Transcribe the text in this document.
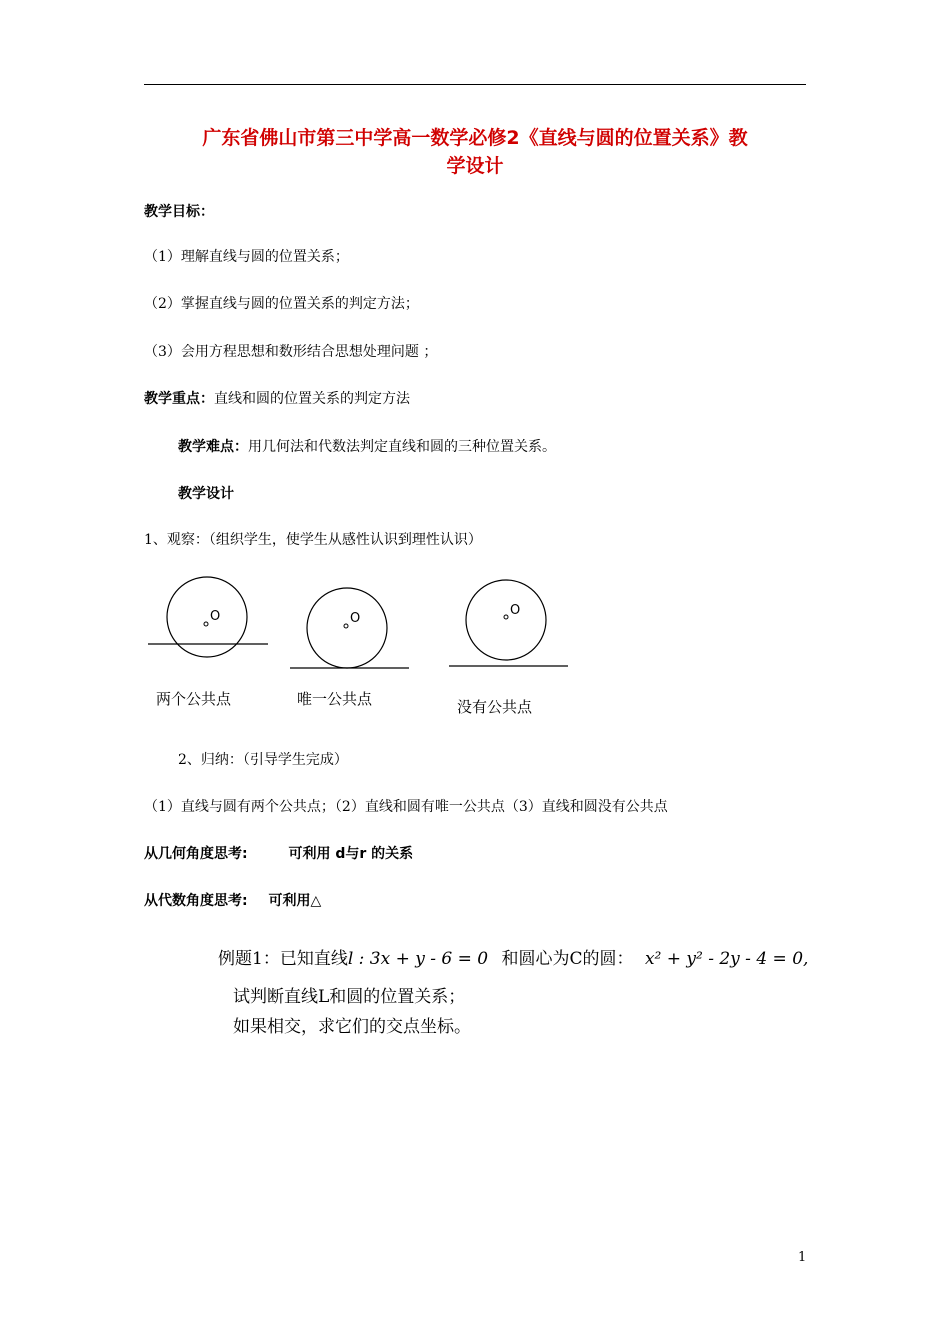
广东省佛山市第三中学高一数学必修2《直线与圆的位置关系》教
学设计
教学目标：
（1）理解直线与圆的位置关系；
（2）掌握直线与圆的位置关系的判定方法；
（3）会用方程思想和数形结合思想处理问题 ；
教学重点：直线和圆的位置关系的判定方法
教学难点：用几何法和代数法判定直线和圆的三种位置关系。
教学设计
1、观察：（组织学生，使学生从感性认识到理性认识）
O	O
O
两个公共点	唯一公共点	没有公共点
2、归纳：（引导学生完成）
（1）直线与圆有两个公共点；（2）直线和圆有唯一公共点（3）直线和圆没有公共点
从几何角度思考:	可利用 d与r 的关系
从代数角度思考: 可利用△
例题1：已知直线l : 3x + y - 6 = 0 和圆心为C的圆： x² + y² - 2y - 4 = 0,
试判断直线L和圆的位置关系；
如果相交，求它们的交点坐标。
1
